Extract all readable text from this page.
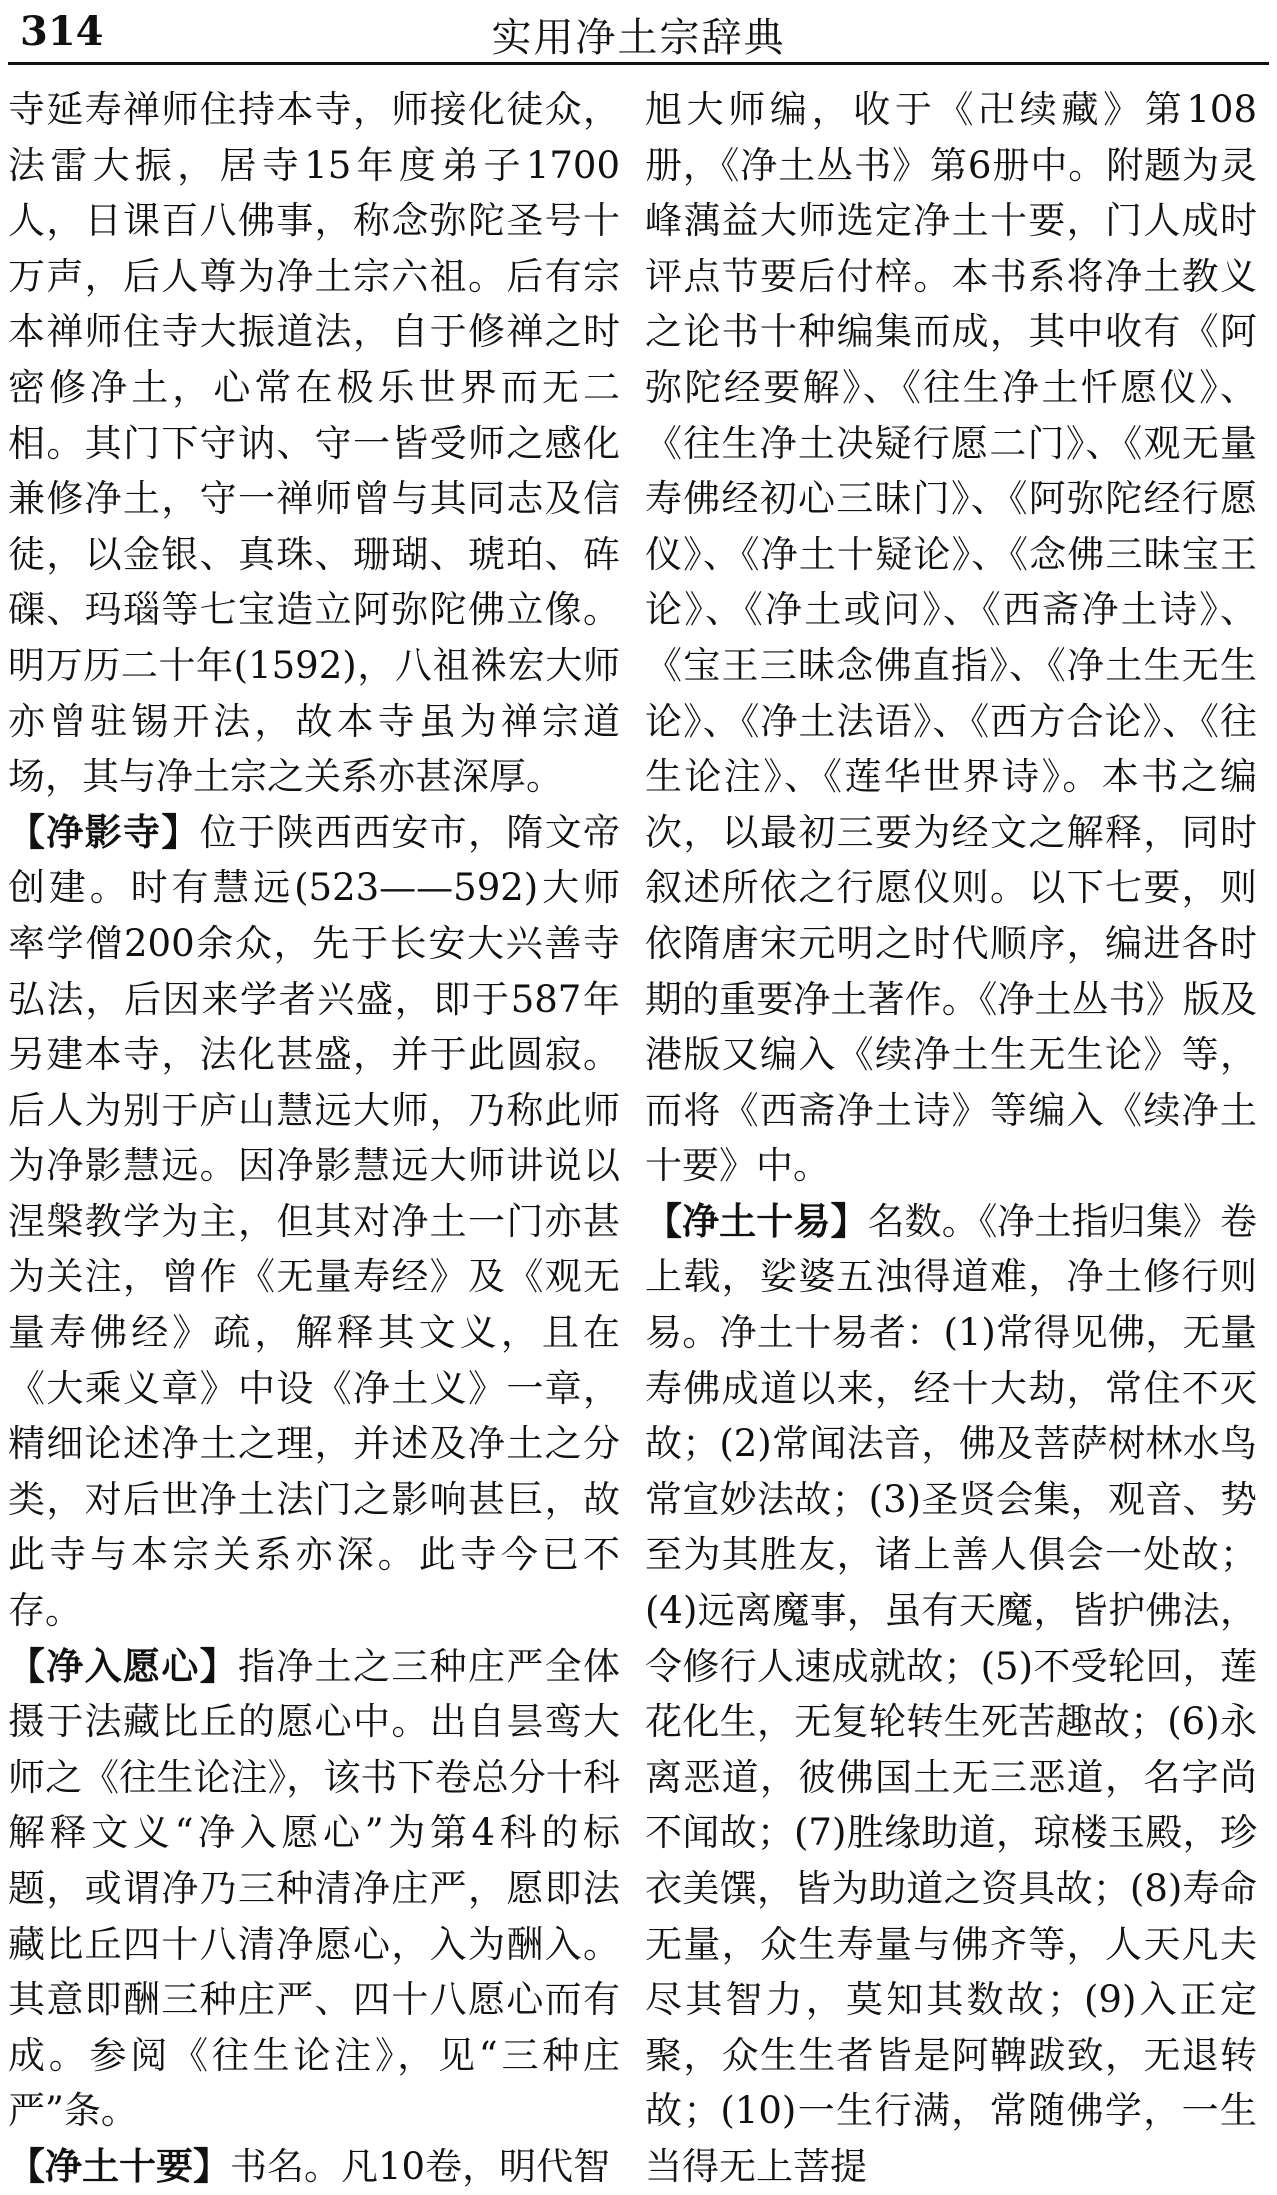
314	实用净土宗辞典

寺延寿禅师住持本寺，师接化徒众，法雷大振，居寺15年度弟子1700人，日课百八佛事，称念弥陀圣号十万声，后人尊为净土宗六祖。后有宗本禅师住寺大振道法，自于修禅之时密修净土，心常在极乐世界而无二相。其门下守讷、守一皆受师之感化兼修净土，守一禅师曾与其同志及信徒，以金银、真珠、珊瑚、琥珀、砗磲、玛瑙等七宝造立阿弥陀佛立像。明万历二十年(1592)，八祖袾宏大师亦曾驻锡开法，故本寺虽为禅宗道场，其与净土宗之关系亦甚深厚。

【净影寺】位于陕西西安市，隋文帝创建。时有慧远(523——592)大师率学僧200余众，先于长安大兴善寺弘法，后因来学者兴盛，即于587年另建本寺，法化甚盛，并于此圆寂。后人为别于庐山慧远大师，乃称此师为净影慧远。因净影慧远大师讲说以涅槃教学为主，但其对净土一门亦甚为关注，曾作《无量寿经》及《观无量寿佛经》疏，解释其文义，且在《大乘义章》中设《净土义》一章，精细论述净土之理，并述及净土之分类，对后世净土法门之影响甚巨，故此寺与本宗关系亦深。此寺今已不存。

【净入愿心】指净土之三种庄严全体摄于法藏比丘的愿心中。出自昙鸾大师之《往生论注》，该书下卷总分十科解释文义“净入愿心”为第4科的标题，或谓净乃三种清净庄严，愿即法藏比丘四十八清净愿心，入为酬入。其意即酬三种庄严、四十八愿心而有成。参阅《往生论注》，见“三种庄严”条。

【净土十要】书名。凡10卷，明代智

旭大师编，收于《卍续藏》第108册，《净土丛书》第6册中。附题为灵峰蕅益大师选定净土十要，门人成时评点节要后付梓。本书系将净土教义之论书十种编集而成，其中收有《阿弥陀经要解》、《往生净土忏愿仪》、《往生净土决疑行愿二门》、《观无量寿佛经初心三昧门》、《阿弥陀经行愿仪》、《净土十疑论》、《念佛三昧宝王论》、《净土或问》、《西斋净土诗》、《宝王三昧念佛直指》、《净土生无生论》、《净土法语》、《西方合论》、《往生论注》、《莲华世界诗》。本书之编次，以最初三要为经文之解释，同时叙述所依之行愿仪则。以下七要，则依隋唐宋元明之时代顺序，编进各时期的重要净土著作。《净土丛书》版及港版又编入《续净土生无生论》等，而将《西斋净土诗》等编入《续净土十要》中。

【净土十易】名数。《净土指归集》卷上载，娑婆五浊得道难，净土修行则易。净土十易者：(1)常得见佛，无量寿佛成道以来，经十大劫，常住不灭故；(2)常闻法音，佛及菩萨树林水鸟常宣妙法故；(3)圣贤会集，观音、势至为其胜友，诸上善人俱会一处故；(4)远离魔事，虽有天魔，皆护佛法，令修行人速成就故；(5)不受轮回，莲花化生，无复轮转生死苦趣故；(6)永离恶道，彼佛国土无三恶道，名字尚不闻故；(7)胜缘助道，琼楼玉殿，珍衣美馔，皆为助道之资具故；(8)寿命无量，众生寿量与佛齐等，人天凡夫尽其智力，莫知其数故；(9)入正定聚，众生生者皆是阿鞞跋致，无退转故；(10)一生行满，常随佛学，一生当得无上菩提
